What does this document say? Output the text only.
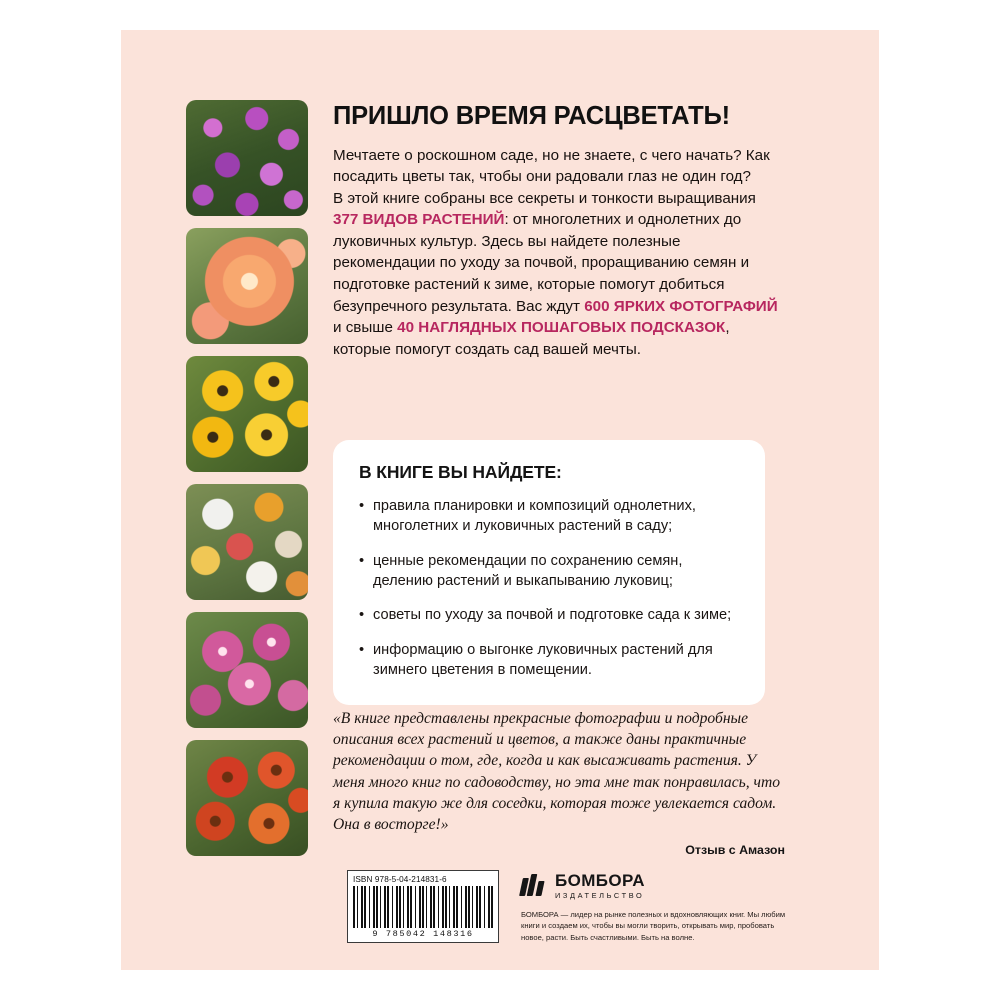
ПРИШЛО ВРЕМЯ РАСЦВЕТАТЬ!

Мечтаете о роскошном саде, но не знаете, с чего начать? Как посадить цветы так, чтобы они радовали глаз не один год?

В этой книге собраны все секреты и тонкости выращивания 377 ВИДОВ РАСТЕНИЙ: от многолетних и однолетних до луковичных культур. Здесь вы найдете полезные рекомендации по уходу за почвой, проращиванию семян и подготовке растений к зиме, которые помогут добиться безупречного результата. Вас ждут 600 ЯРКИХ ФОТОГРАФИЙ и свыше 40 НАГЛЯДНЫХ ПОШАГОВЫХ ПОДСКАЗОК, которые помогут создать сад вашей мечты.

В КНИГЕ ВЫ НАЙДЕТЕ:
• правила планировки и композиций однолетних, многолетних и луковичных растений в саду;
• ценные рекомендации по сохранению семян, делению растений и выкапыванию луковиц;
• советы по уходу за почвой и подготовке сада к зиме;
• информацию о выгонке луковичных растений для зимнего цветения в помещении.

«В книге представлены прекрасные фотографии и подробные описания всех растений и цветов, а также даны практичные рекомендации о том, где, когда и как высаживать растения. У меня много книг по садоводству, но эта мне так понравилась, что я купила такую же для соседки, которая тоже увлекается садом. Она в восторге!»

Отзыв с Амазон
ISBN 978-5-04-214831-6
9 785042 148316
БОМБОРА
ИЗДАТЕЛЬСТВО
БОМБОРА — лидер на рынке полезных и вдохновляющих книг. Мы любим книги и создаем их, чтобы вы могли творить, открывать мир, пробовать новое, расти. Быть счастливыми. Быть на волне.
